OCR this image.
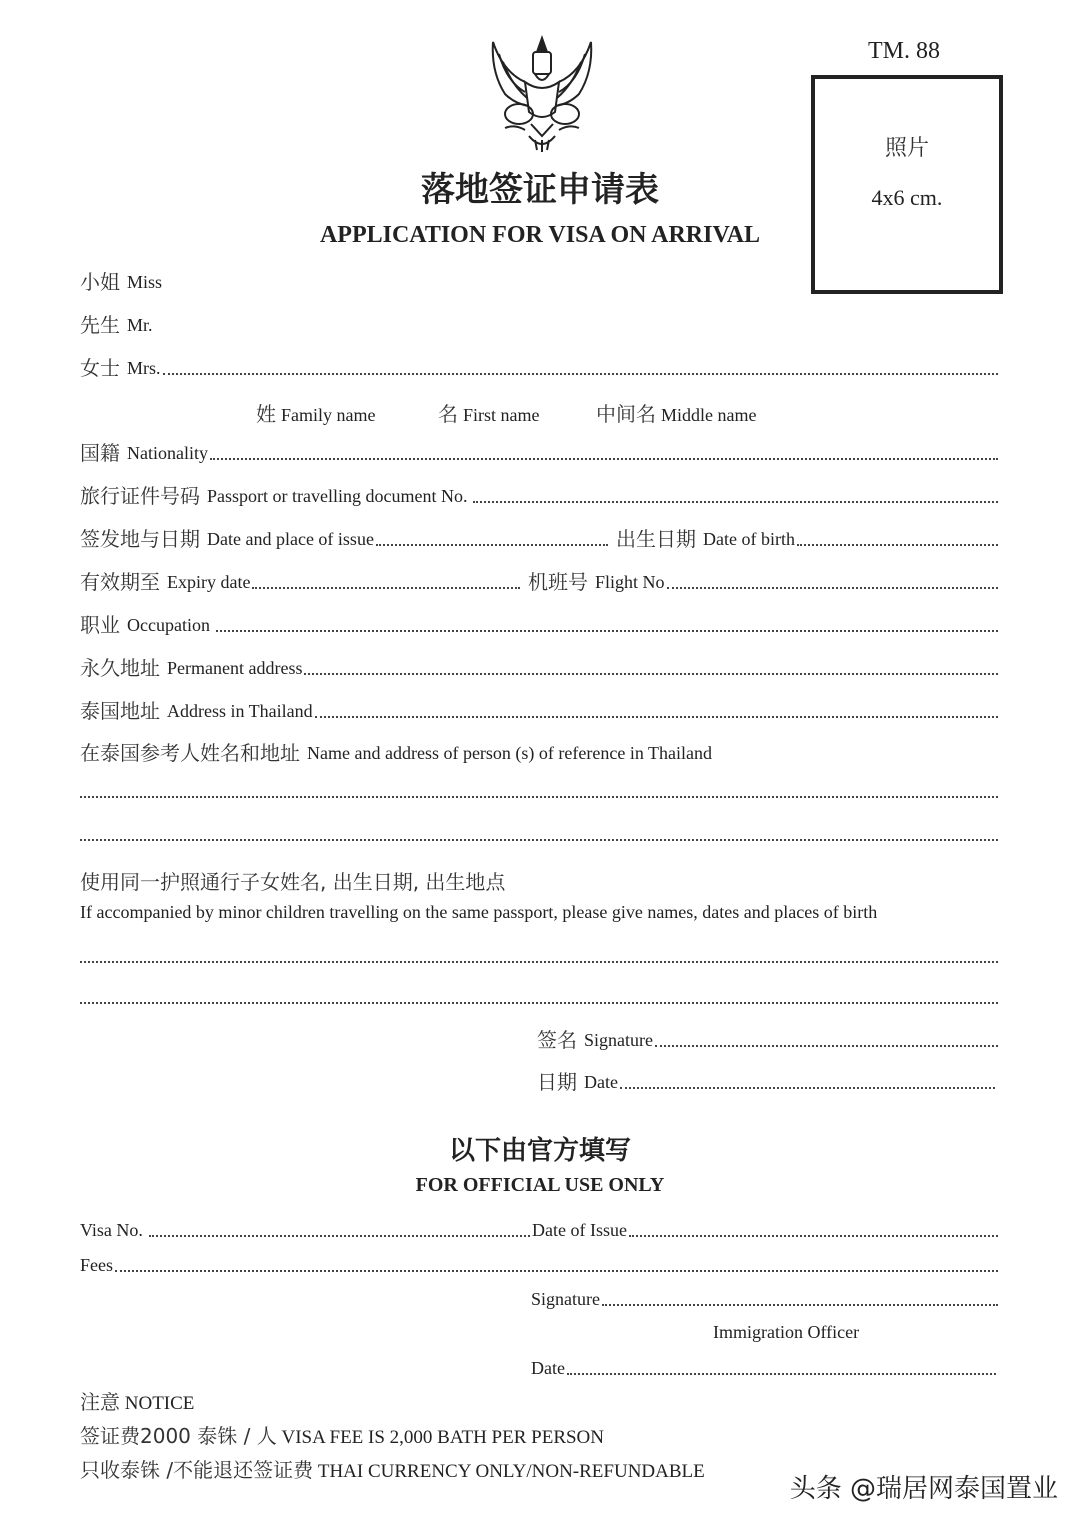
TM. 88
照片
4x6 cm.
落地签证申请表
APPLICATION FOR VISA ON ARRIVAL
小姐 Miss
先生 Mr.
女士 Mrs.
姓 Family name	名 First name	中间名 Middle name
国籍 Nationality
旅行证件号码 Passport or travelling document No.
签发地与日期 Date and place of issue	出生日期 Date of birth
有效期至 Expiry date	机班号 Flight No
职业 Occupation
永久地址 Permanent address
泰国地址 Address in Thailand
在泰国参考人姓名和地址 Name and address of person (s) of reference in Thailand
使用同一护照通行子女姓名, 出生日期, 出生地点
If accompanied by minor children travelling on the same passport, please give names, dates and places of birth
签名 Signature
日期 Date
以下由官方填写
FOR OFFICIAL USE ONLY
Visa No.	Date of Issue
Fees
Signature
Immigration Officer
Date
注意 NOTICE
签证费2000 泰铢 / 人 VISA FEE IS 2,000 BATH PER PERSON
只收泰铢 /不能退还签证费 THAI CURRENCY ONLY/NON-REFUNDABLE
头条 @瑞居网泰国置业
